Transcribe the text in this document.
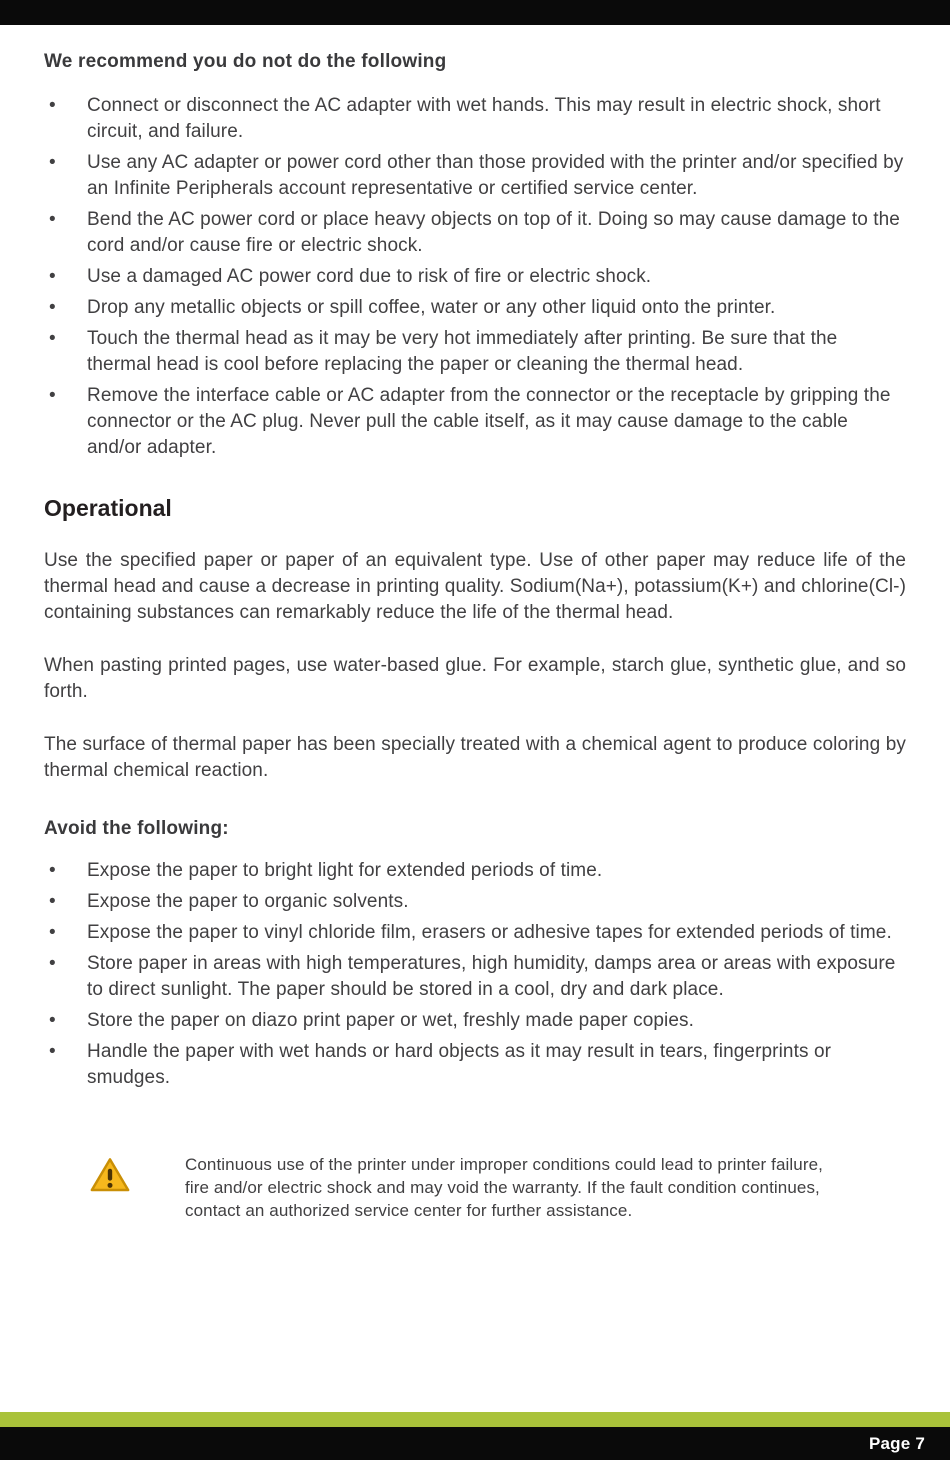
We recommend you do not do the following
• Connect or disconnect the AC adapter with wet hands. This may result in electric shock, short circuit, and failure.
• Use any AC adapter or power cord other than those provided with the printer and/or specified by an Infinite Peripherals account representative or certified service center.
• Bend the AC power cord or place heavy objects on top of it. Doing so may cause damage to the cord and/or cause fire or electric shock.
• Use a damaged AC power cord due to risk of fire or electric shock.
• Drop any metallic objects or spill coffee, water or any other liquid onto the printer.
• Touch the thermal head as it may be very hot immediately after printing. Be sure that the thermal head is cool before replacing the paper or cleaning the thermal head.
• Remove the interface cable or AC adapter from the connector or the receptacle by gripping the connector or the AC plug. Never pull the cable itself, as it may cause damage to the cable and/or adapter.
Operational

Use the specified paper or paper of an equivalent type. Use of other paper may reduce life of the thermal head and cause a decrease in printing quality. Sodium(Na+), potassium(K+) and chlorine(Cl-) containing substances can remarkably reduce the life of the thermal head.

When pasting printed pages, use water-based glue. For example, starch glue, synthetic glue, and so forth.

The surface of thermal paper has been specially treated with a chemical agent to produce coloring by thermal chemical reaction.

Avoid the following:
• Expose the paper to bright light for extended periods of time.
• Expose the paper to organic solvents.
• Expose the paper to vinyl chloride film, erasers or adhesive tapes for extended periods of time.
• Store paper in areas with high temperatures, high humidity, damps area or areas with exposure to direct sunlight. The paper should be stored in a cool, dry and dark place.
• Store the paper on diazo print paper or wet, freshly made paper copies.
• Handle the paper with wet hands or hard objects as it may result in tears, fingerprints or smudges.
Continuous use of the printer under improper conditions could lead to printer failure, fire and/or electric shock and may void the warranty. If the fault condition continues, contact an authorized service center for further assistance.
Page 7
